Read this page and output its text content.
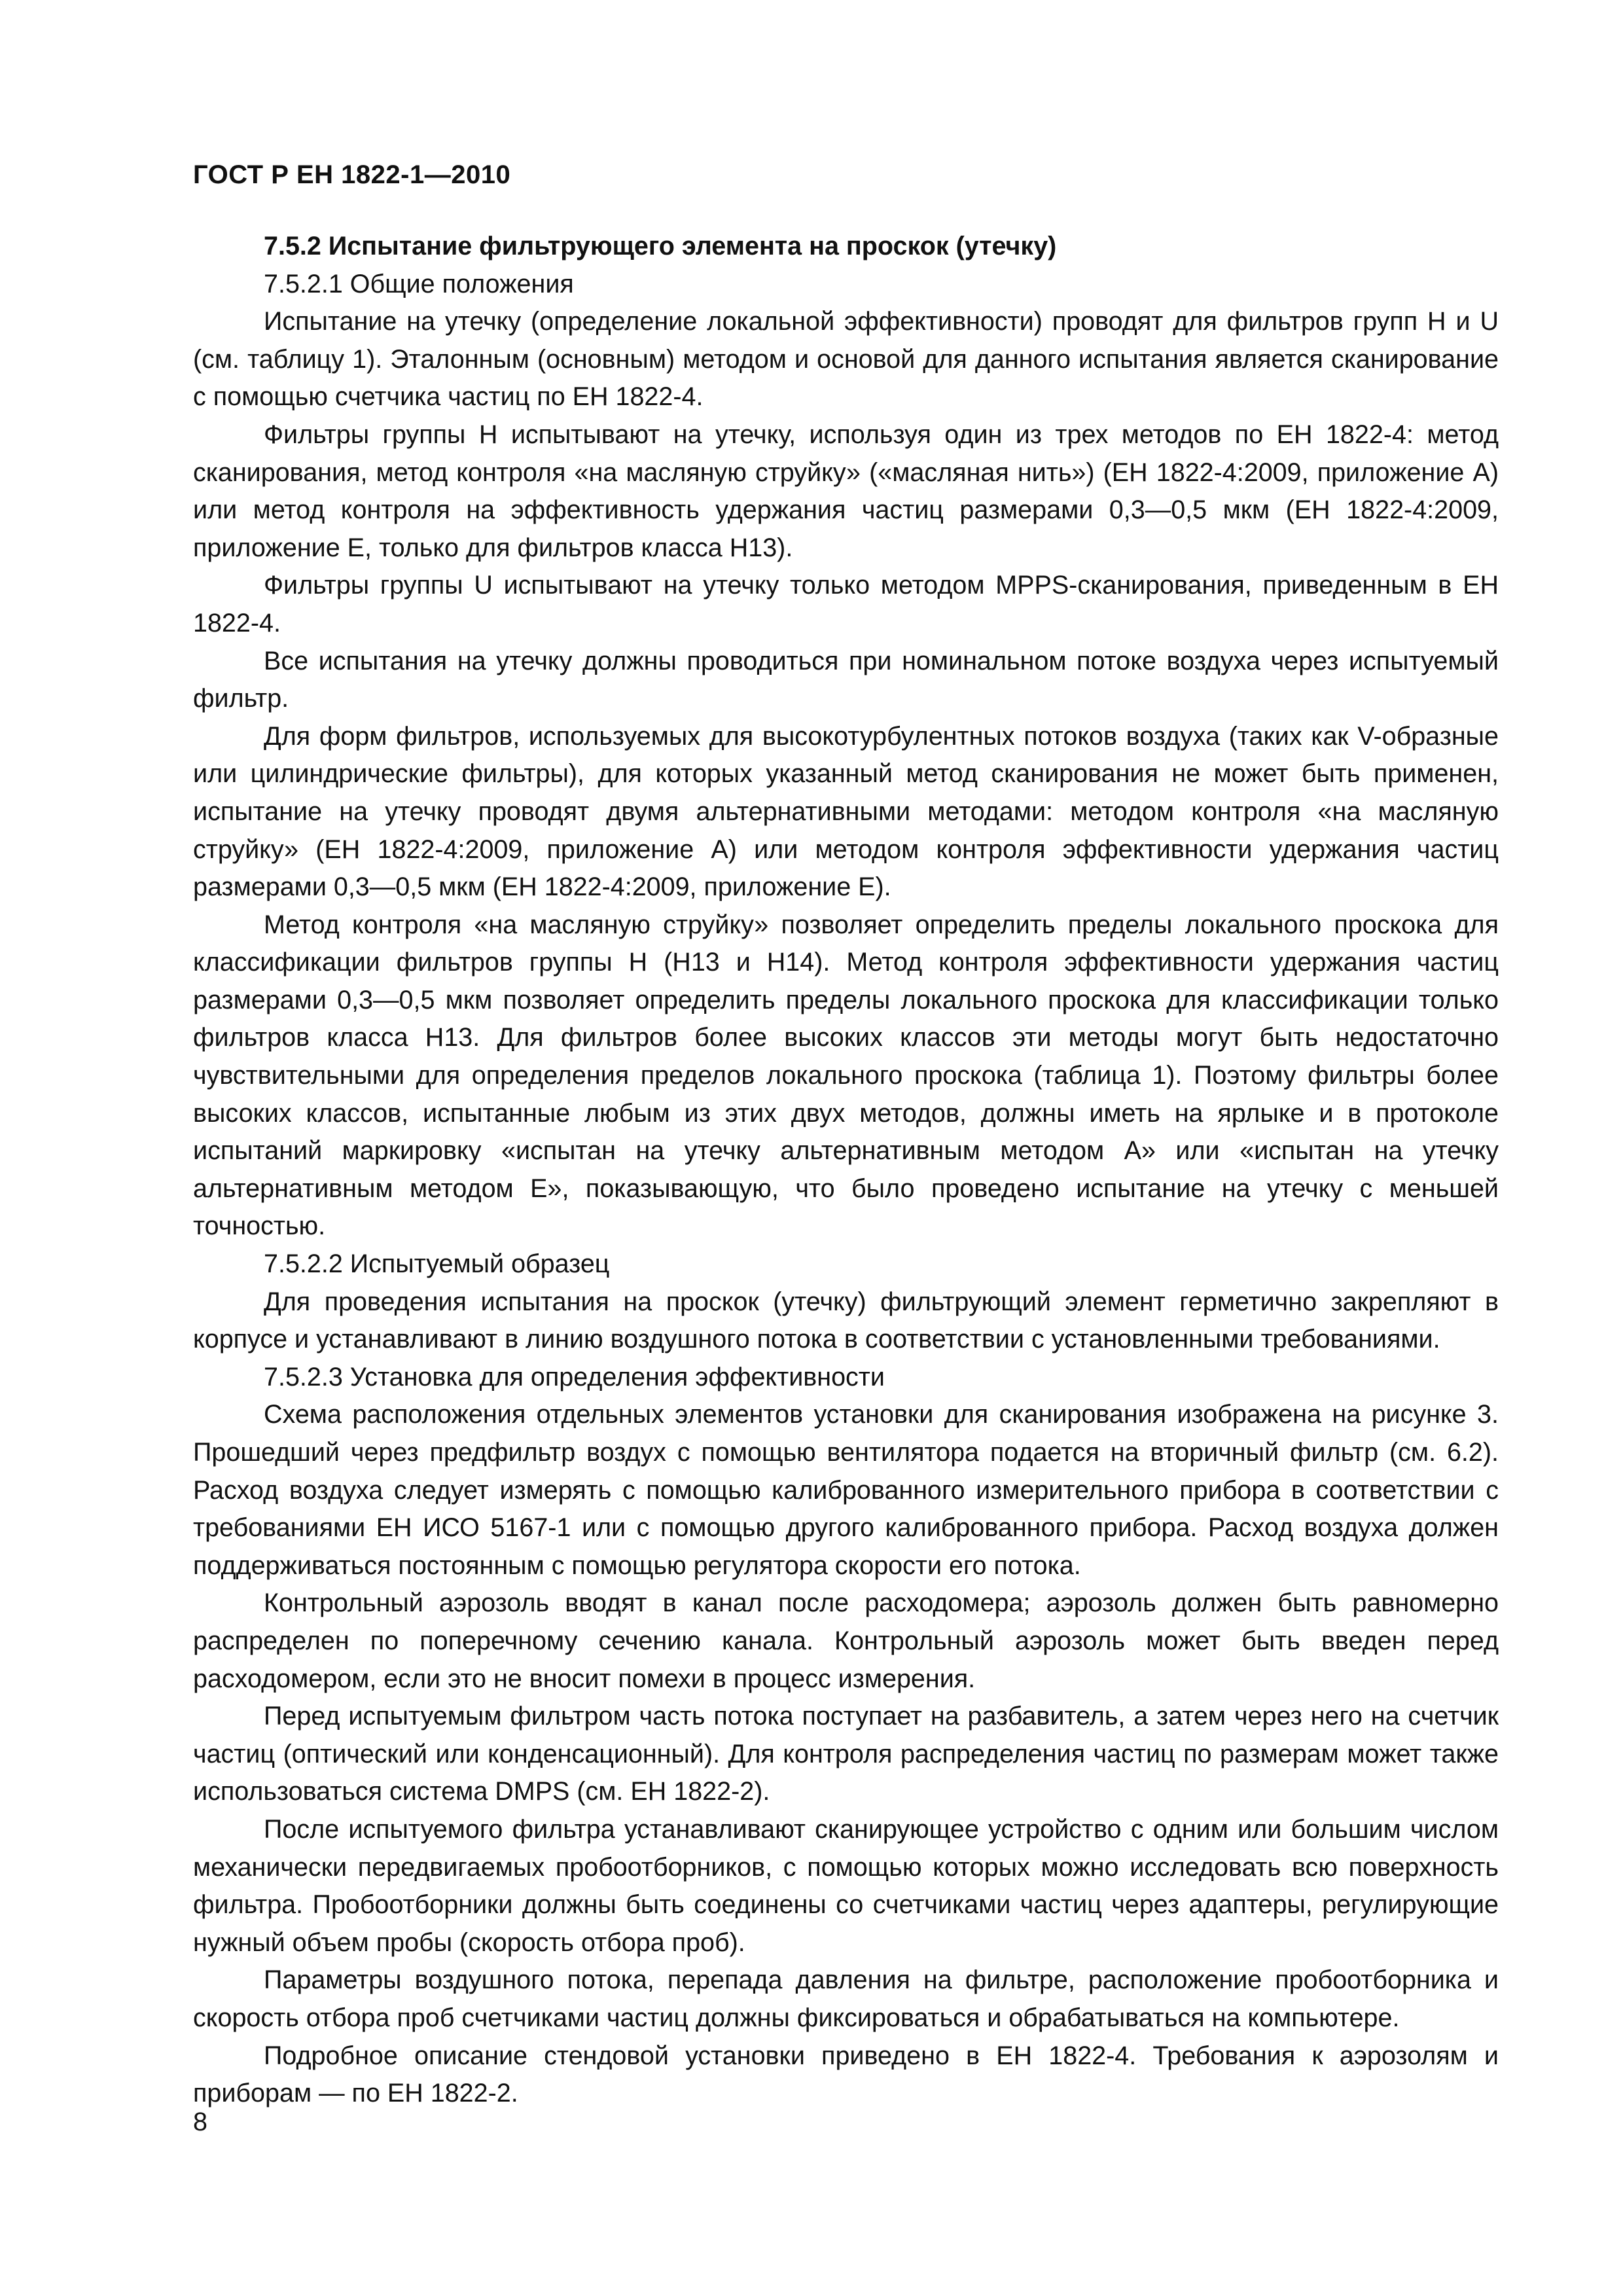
ГОСТ Р ЕН 1822-1—2010

7.5.2 Испытание фильтрующего элемента на проскок (утечку)

7.5.2.1 Общие положения

Испытание на утечку (определение локальной эффективности) проводят для фильтров групп H и U (см. таблицу 1). Эталонным (основным) методом и основой для данного испытания является сканирование с помощью счетчика частиц по ЕН 1822-4.

Фильтры группы H испытывают на утечку, используя один из трех методов по ЕН 1822-4: метод сканирования, метод контроля «на масляную струйку» («масляная нить») (ЕН 1822-4:2009, приложение А) или метод контроля на эффективность удержания частиц размерами 0,3—0,5 мкм (ЕН 1822-4:2009, приложение Е, только для фильтров класса H13).

Фильтры группы U испытывают на утечку только методом MPPS-сканирования, приведенным в ЕН 1822-4.

Все испытания на утечку должны проводиться при номинальном потоке воздуха через испытуемый фильтр.

Для форм фильтров, используемых для высокотурбулентных потоков воздуха (таких как V-образные или цилиндрические фильтры), для которых указанный метод сканирования не может быть применен, испытание на утечку проводят двумя альтернативными методами: методом контроля «на масляную струйку» (ЕН 1822-4:2009, приложение А) или методом контроля эффективности удержания частиц размерами 0,3—0,5 мкм (ЕН 1822-4:2009, приложение Е).

Метод контроля «на масляную струйку» позволяет определить пределы локального проскока для классификации фильтров группы H (H13 и H14). Метод контроля эффективности удержания частиц размерами 0,3—0,5 мкм позволяет определить пределы локального проскока для классификации только фильтров класса H13. Для фильтров более высоких классов эти методы могут быть недостаточно чувствительными для определения пределов локального проскока (таблица 1). Поэтому фильтры более высоких классов, испытанные любым из этих двух методов, должны иметь на ярлыке и в протоколе испытаний маркировку «испытан на утечку альтернативным методом А» или «испытан на утечку альтернативным методом Е», показывающую, что было проведено испытание на утечку с меньшей точностью.

7.5.2.2 Испытуемый образец

Для проведения испытания на проскок (утечку) фильтрующий элемент герметично закрепляют в корпусе и устанавливают в линию воздушного потока в соответствии с установленными требованиями.

7.5.2.3 Установка для определения эффективности

Схема расположения отдельных элементов установки для сканирования изображена на рисунке 3. Прошедший через предфильтр воздух с помощью вентилятора подается на вторичный фильтр (см. 6.2). Расход воздуха следует измерять с помощью калиброванного измерительного прибора в соответствии с требованиями ЕН ИСО 5167-1 или с помощью другого калиброванного прибора. Расход воздуха должен поддерживаться постоянным с помощью регулятора скорости его потока.

Контрольный аэрозоль вводят в канал после расходомера; аэрозоль должен быть равномерно распределен по поперечному сечению канала. Контрольный аэрозоль может быть введен перед расходомером, если это не вносит помехи в процесс измерения.

Перед испытуемым фильтром часть потока поступает на разбавитель, а затем через него на счетчик частиц (оптический или конденсационный). Для контроля распределения частиц по размерам может также использоваться система DMPS (см. ЕН 1822-2).

После испытуемого фильтра устанавливают сканирующее устройство с одним или большим числом механически передвигаемых пробоотборников, с помощью которых можно исследовать всю поверхность фильтра. Пробоотборники должны быть соединены со счетчиками частиц через адаптеры, регулирующие нужный объем пробы (скорость отбора проб).

Параметры воздушного потока, перепада давления на фильтре, расположение пробоотборника и скорость отбора проб счетчиками частиц должны фиксироваться и обрабатываться на компьютере.

Подробное описание стендовой установки приведено в ЕН 1822-4. Требования к аэрозолям и приборам — по ЕН 1822-2.

8
